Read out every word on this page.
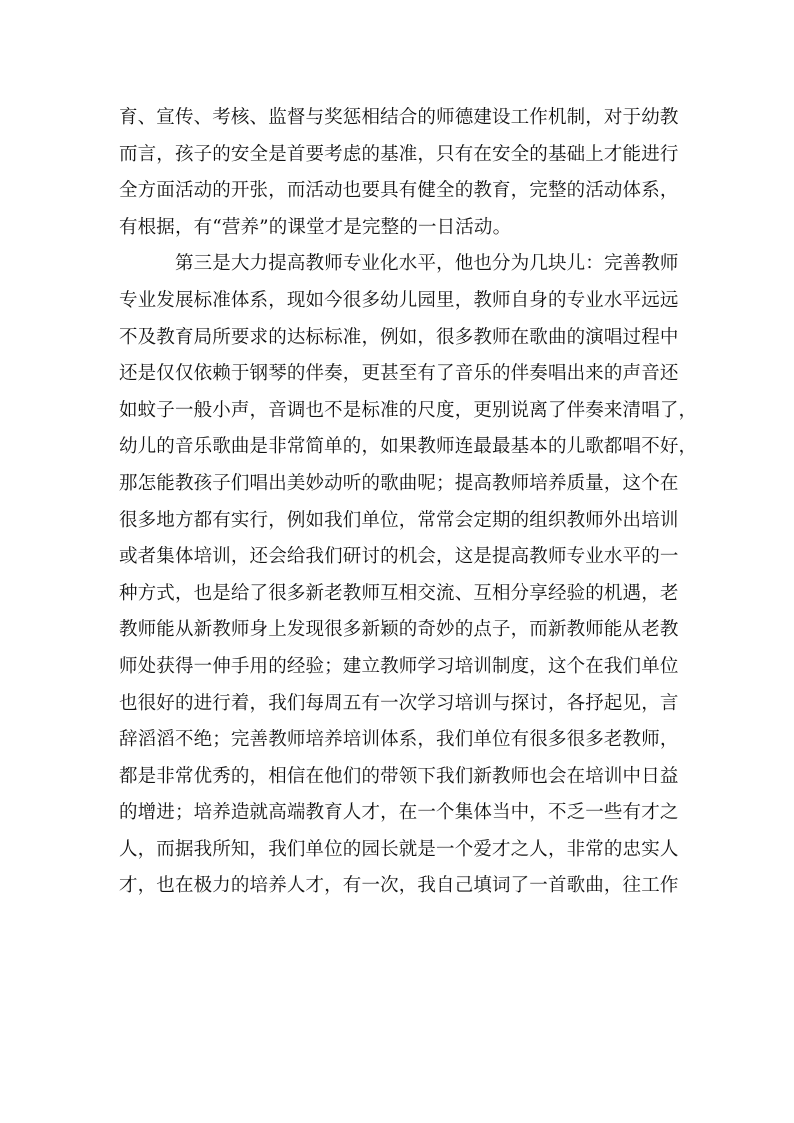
育、宣传、考核、监督与奖惩相结合的师德建设工作机制，对于幼教
而言，孩子的安全是首要考虑的基准，只有在安全的基础上才能进行
全方面活动的开张，而活动也要具有健全的教育，完整的活动体系，
有根据，有“营养”的课堂才是完整的一日活动。
第三是大力提高教师专业化水平，他也分为几块儿：完善教师
专业发展标准体系，现如今很多幼儿园里，教师自身的专业水平远远
不及教育局所要求的达标标准，例如，很多教师在歌曲的演唱过程中
还是仅仅依赖于钢琴的伴奏，更甚至有了音乐的伴奏唱出来的声音还
如蚊子一般小声，音调也不是标准的尺度，更别说离了伴奏来清唱了，
幼儿的音乐歌曲是非常简单的，如果教师连最最基本的儿歌都唱不好，
那怎能教孩子们唱出美妙动听的歌曲呢；提高教师培养质量，这个在
很多地方都有实行，例如我们单位，常常会定期的组织教师外出培训
或者集体培训，还会给我们研讨的机会，这是提高教师专业水平的一
种方式，也是给了很多新老教师互相交流、互相分享经验的机遇，老
教师能从新教师身上发现很多新颖的奇妙的点子，而新教师能从老教
师处获得一伸手用的经验；建立教师学习培训制度，这个在我们单位
也很好的进行着，我们每周五有一次学习培训与探讨，各抒起见，言
辞滔滔不绝；完善教师培养培训体系，我们单位有很多很多老教师，
都是非常优秀的，相信在他们的带领下我们新教师也会在培训中日益
的增进；培养造就高端教育人才，在一个集体当中，不乏一些有才之
人，而据我所知，我们单位的园长就是一个爱才之人，非常的忠实人
才，也在极力的培养人才，有一次，我自己填词了一首歌曲，往工作
